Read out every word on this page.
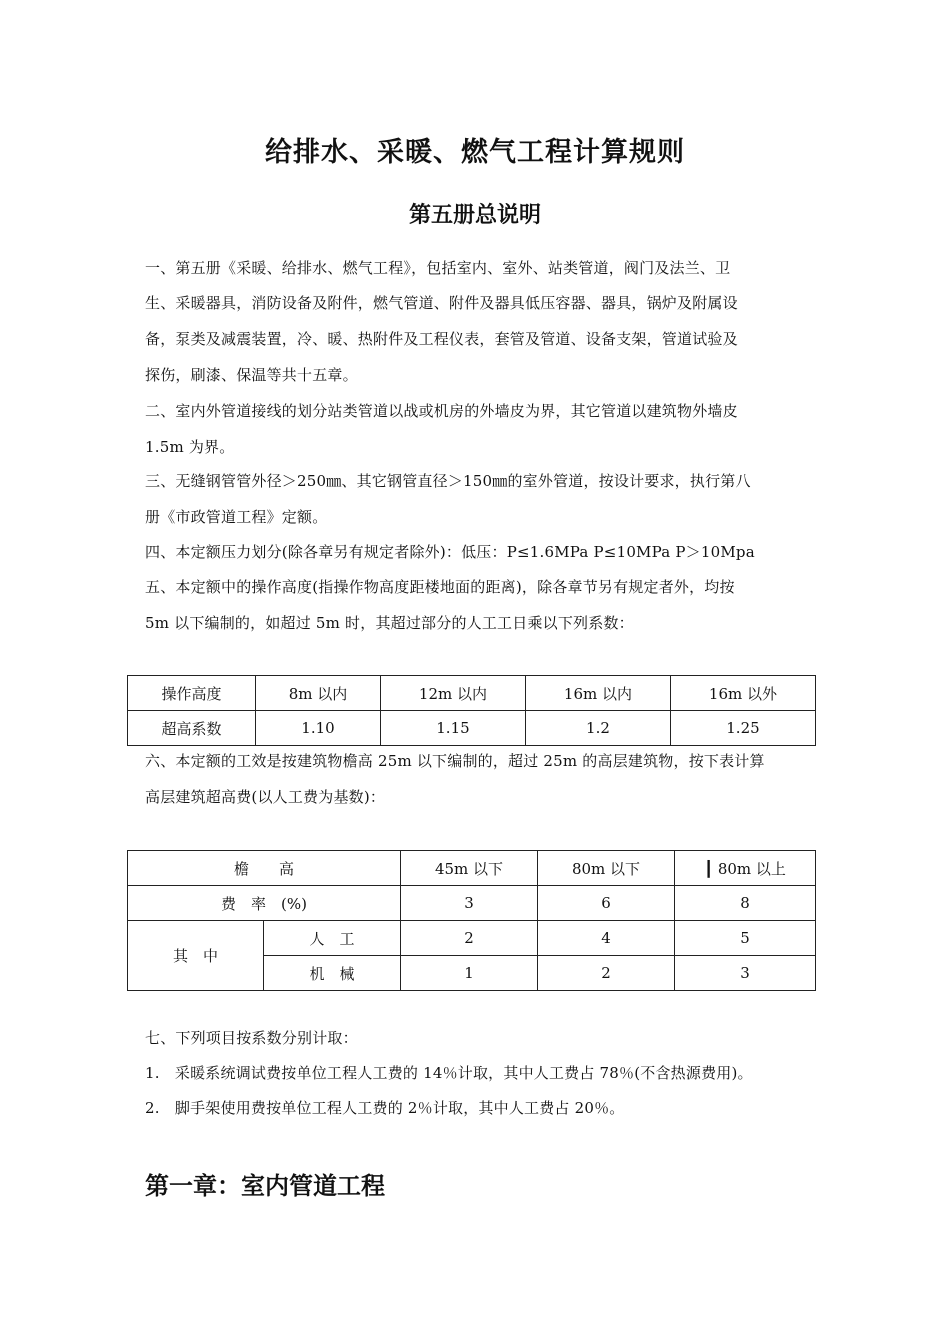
给排水、采暖、燃气工程计算规则
第五册总说明
一、第五册《采暖、给排水、燃气工程》，包括室内、室外、站类管道，阀门及法兰、卫
生、采暖器具，消防设备及附件，燃气管道、附件及器具低压容器、器具，锅炉及附属设
备，泵类及减震装置，冷、暖、热附件及工程仪表，套管及管道、设备支架，管道试验及
探伤，刷漆、保温等共十五章。
二、室内外管道接线的划分站类管道以战或机房的外墙皮为界，其它管道以建筑物外墙皮
1.5m 为界。
三、无缝钢管管外径＞250㎜、其它钢管直径＞150㎜的室外管道，按设计要求，执行第八
册《市政管道工程》定额。
四、本定额压力划分(除各章另有规定者除外)：低压：P≤1.6MPa P≤10MPa P＞10Mpa
五、本定额中的操作高度(指操作物高度距楼地面的距离)，除各章节另有规定者外，均按
5m 以下编制的，如超过 5m 时，其超过部分的人工工日乘以下列系数：
操作高度	8m 以内	12m 以内	16m 以内	16m 以外
超高系数	1.10	1.15	1.2	1.25
六、本定额的工效是按建筑物檐高 25m 以下编制的，超过 25m 的高层建筑物，按下表计算
高层建筑超高费(以人工费为基数)：
檐　　高		45m 以下	80m 以下	┃ 80m 以上
费　率　(%)		3	6	8
其　中	人　工	2	4	5
	机　械	1	2	3
七、下列项目按系数分别计取：
1.　采暖系统调试费按单位工程人工费的 14％计取，其中人工费占 78％(不含热源费用)。
2.　脚手架使用费按单位工程人工费的 2％计取，其中人工费占 20％。
第一章：室内管道工程
